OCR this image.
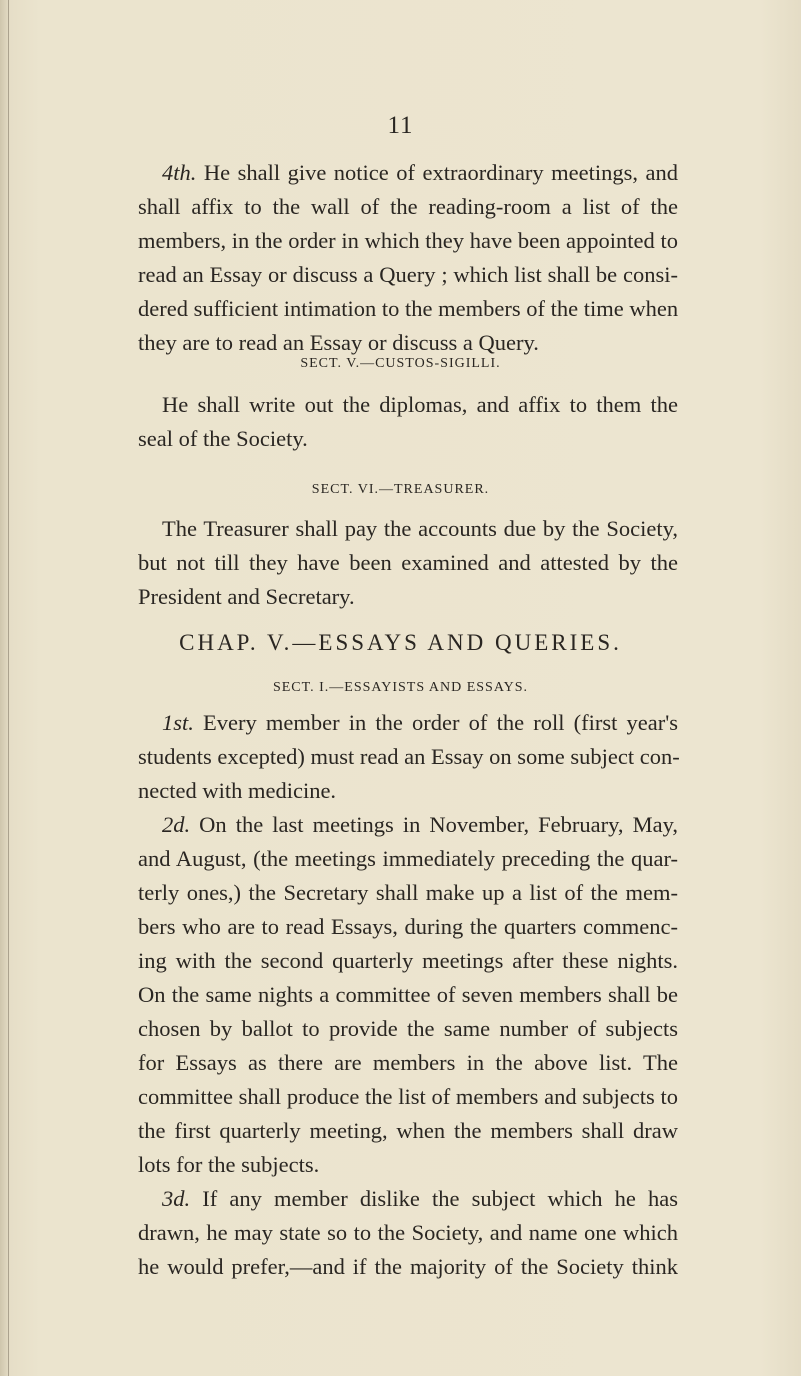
11
4th. He shall give notice of extraordinary meetings, and
shall affix to the wall of the reading-room a list of the
members, in the order in which they have been appointed to
read an Essay or discuss a Query ; which list shall be consi-
dered sufficient intimation to the members of the time when
they are to read an Essay or discuss a Query.
SECT. V.—CUSTOS-SIGILLI.
He shall write out the diplomas, and affix to them the
seal of the Society.
SECT. VI.—TREASURER.
The Treasurer shall pay the accounts due by the Society,
but not till they have been examined and attested by the
President and Secretary.
CHAP. V.—ESSAYS AND QUERIES.
SECT. I.—ESSAYISTS AND ESSAYS.
1st. Every member in the order of the roll (first year's
students excepted) must read an Essay on some subject con-
nected with medicine.
2d. On the last meetings in November, February, May,
and August, (the meetings immediately preceding the quar-
terly ones,) the Secretary shall make up a list of the mem-
bers who are to read Essays, during the quarters commenc-
ing with the second quarterly meetings after these nights.
On the same nights a committee of seven members shall be
chosen by ballot to provide the same number of subjects
for Essays as there are members in the above list. The
committee shall produce the list of members and subjects to
the first quarterly meeting, when the members shall draw
lots for the subjects.
3d. If any member dislike the subject which he has
drawn, he may state so to the Society, and name one which
he would prefer,—and if the majority of the Society think
